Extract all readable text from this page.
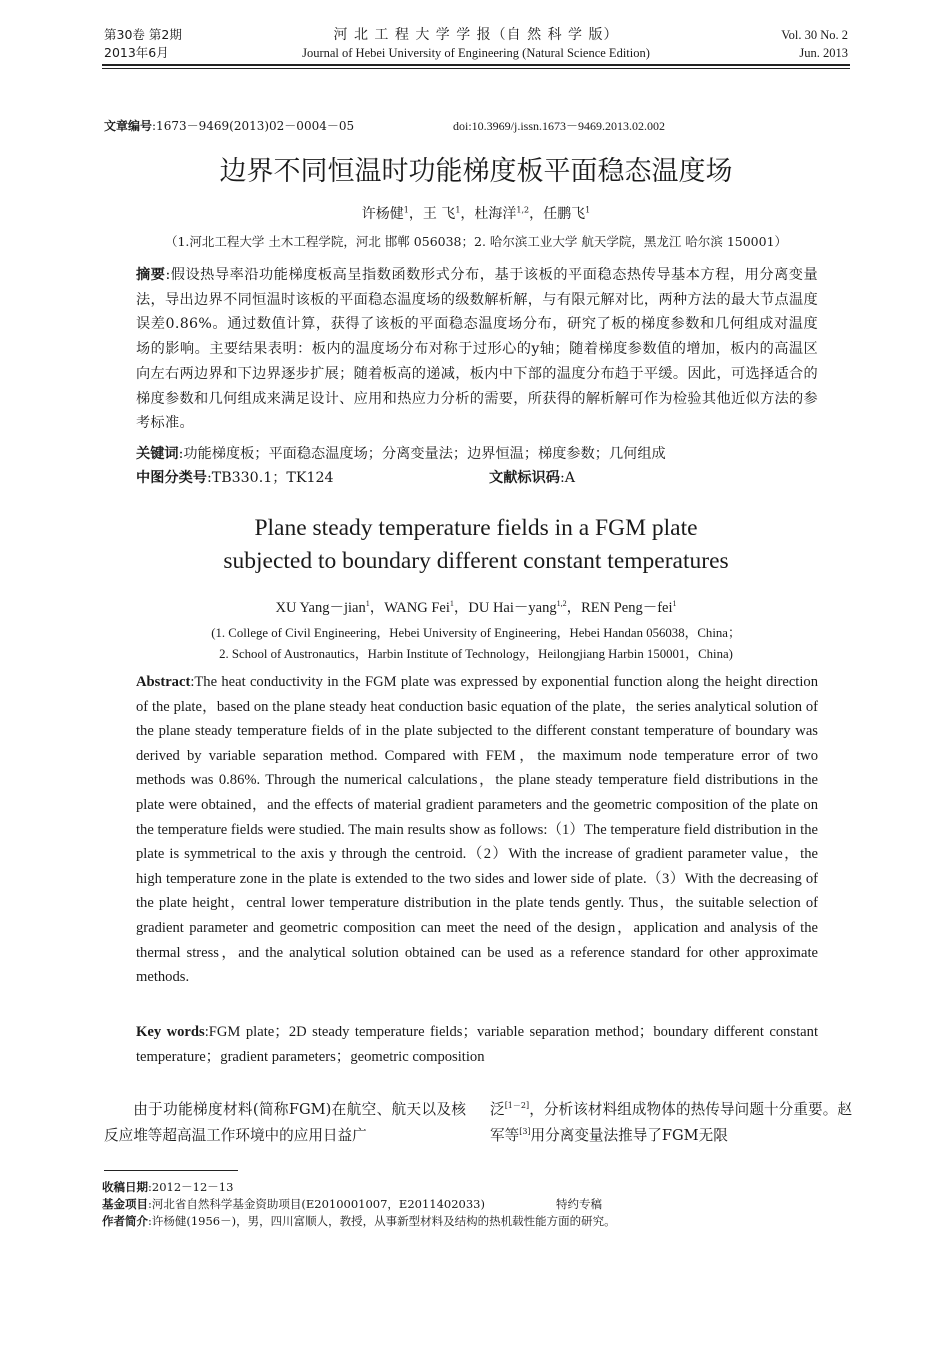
第30卷 第2期
2013年6月
河 北 工 程 大 学 学 报（自 然 科 学 版）
Journal of Hebei University of Engineering (Natural Science Edition)
Vol. 30 No. 2
Jun. 2013
文章编号:1673－9469(2013)02－0004－05	doi:10.3969/j.issn.1673－9469.2013.02.002
边界不同恒温时功能梯度板平面稳态温度场
许杨健$^1$，王 飞$^1$，杜海洋$^{1,2}$，任鹏飞$^1$
（1.河北工程大学 土木工程学院，河北 邯郸 056038；2. 哈尔滨工业大学 航天学院，黑龙江 哈尔滨 150001）
摘要:假设热导率沿功能梯度板高呈指数函数形式分布，基于该板的平面稳态热传导基本方程，用分离变量法，导出边界不同恒温时该板的平面稳态温度场的级数解析解，与有限元解对比，两种方法的最大节点温度误差0.86%。通过数值计算，获得了该板的平面稳态温度场分布，研究了板的梯度参数和几何组成对温度场的影响。主要结果表明：板内的温度场分布对称于过形心的y轴；随着梯度参数值的增加，板内的高温区向左右两边界和下边界逐步扩展；随着板高的递减，板内中下部的温度分布趋于平缓。因此，可选择适合的梯度参数和几何组成来满足设计、应用和热应力分析的需要，所获得的解析解可作为检验其他近似方法的参考标准。
关键词:功能梯度板；平面稳态温度场；分离变量法；边界恒温；梯度参数；几何组成
中图分类号:TB330.1；TK124	文献标识码:A
Plane steady temperature fields in a FGM plate
subjected to boundary different constant temperatures
XU Yang－jian$^1$，WANG Fei$^1$，DU Hai－yang$^{1,2}$，REN Peng－fei$^1$
(1. College of Civil Engineering，Hebei University of Engineering，Hebei Handan 056038，China；
2. School of Austronautics，Harbin Institute of Technology，Heilongjiang Harbin 150001，China)
Abstract:The heat conductivity in the FGM plate was expressed by exponential function along the height direction of the plate，based on the plane steady heat conduction basic equation of the plate，the series analytical solution of the plane steady temperature fields of in the plate subjected to the different constant temperature of boundary was derived by variable separation method. Compared with FEM，the maximum node temperature error of two methods was 0.86%. Through the numerical calculations，the plane steady temperature field distributions in the plate were obtained，and the effects of material gradient parameters and the geometric composition of the plate on the temperature fields were studied. The main results show as follows:（1）The temperature field distribution in the plate is symmetrical to the axis y through the centroid.（2）With the increase of gradient parameter value，the high temperature zone in the plate is extended to the two sides and lower side of plate.（3）With the decreasing of the plate height，central lower temperature distribution in the plate tends gently. Thus，the suitable selection of gradient parameter and geometric composition can meet the need of the design，application and analysis of the thermal stress，and the analytical solution obtained can be used as a reference standard for other approximate methods.
Key words:FGM plate；2D steady temperature fields；variable separation method；boundary different constant temperature；gradient parameters；geometric composition
由于功能梯度材料(简称FGM)在航空、航天以及核反应堆等超高温工作环境中的应用日益广
泛[1－2]，分析该材料组成物体的热传导问题十分重要。赵军等[3]用分离变量法推导了FGM无限
收稿日期:2012－12－13
基金项目:河北省自然科学基金资助项目(E2010001007，E2011402033)	特约专稿
作者简介:许杨健(1956－)，男，四川富顺人，教授，从事新型材料及结构的热机载性能方面的研究。
